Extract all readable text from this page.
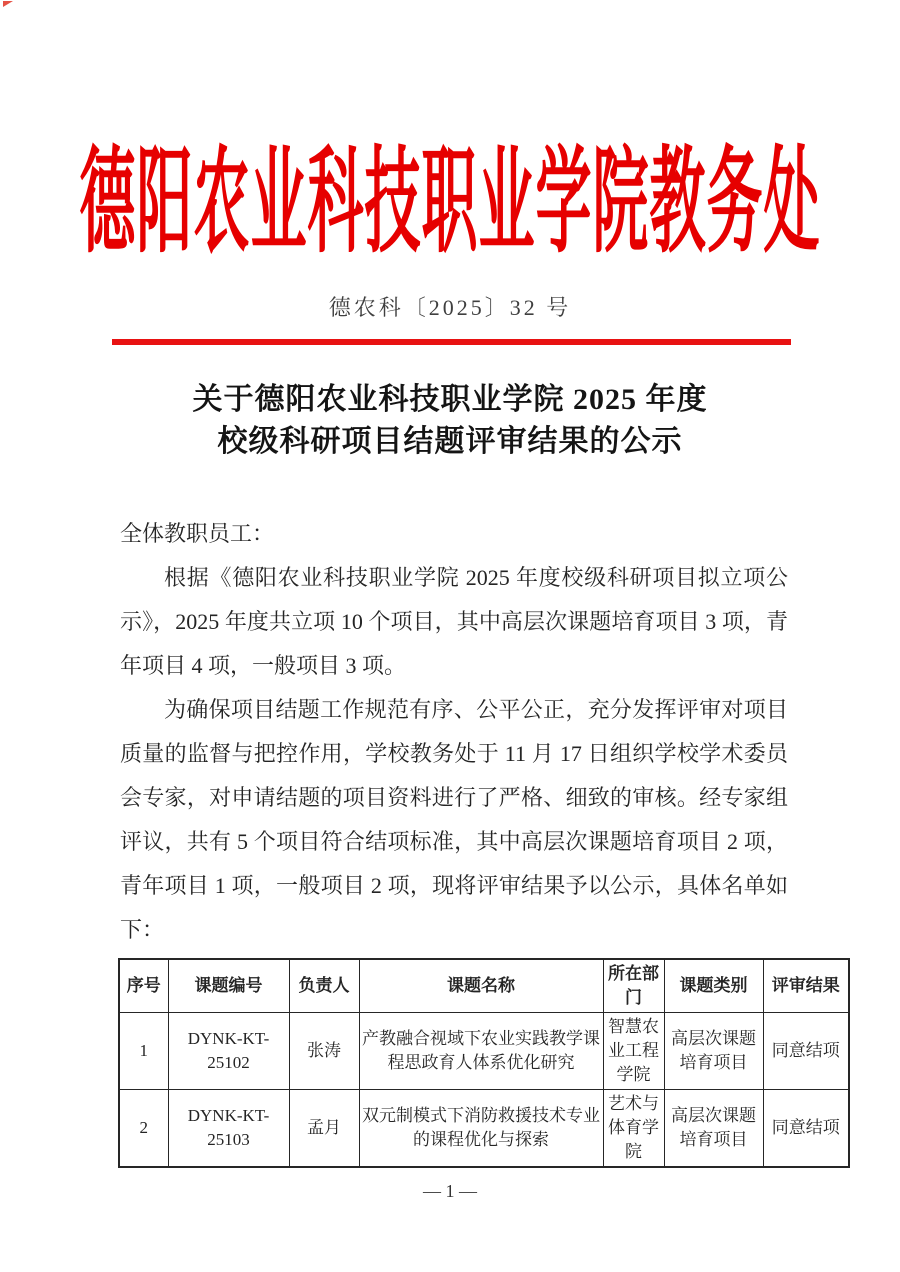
德阳农业科技职业学院教务处
德农科〔2025〕32 号
关于德阳农业科技职业学院 2025 年度
校级科研项目结题评审结果的公示
全体教职员工：

根据《德阳农业科技职业学院 2025 年度校级科研项目拟立项公示》，2025 年度共立项 10 个项目，其中高层次课题培育项目 3 项，青年项目 4 项，一般项目 3 项。

为确保项目结题工作规范有序、公平公正，充分发挥评审对项目质量的监督与把控作用，学校教务处于 11 月 17 日组织学校学术委员会专家，对申请结题的项目资料进行了严格、细致的审核。经专家组评议，共有 5 个项目符合结项标准，其中高层次课题培育项目 2 项，青年项目 1 项，一般项目 2 项，现将评审结果予以公示，具体名单如下：

序号	课题编号	负责人	课题名称	所在部门	课题类别	评审结果
1	DYNK-KT-25102	张涛	产教融合视域下农业实践教学课程思政育人体系优化研究	智慧农业工程学院	高层次课题培育项目	同意结项
2	DYNK-KT-25103	孟月	双元制模式下消防救援技术专业的课程优化与探索	艺术与体育学院	高层次课题培育项目	同意结项
— 1 —
